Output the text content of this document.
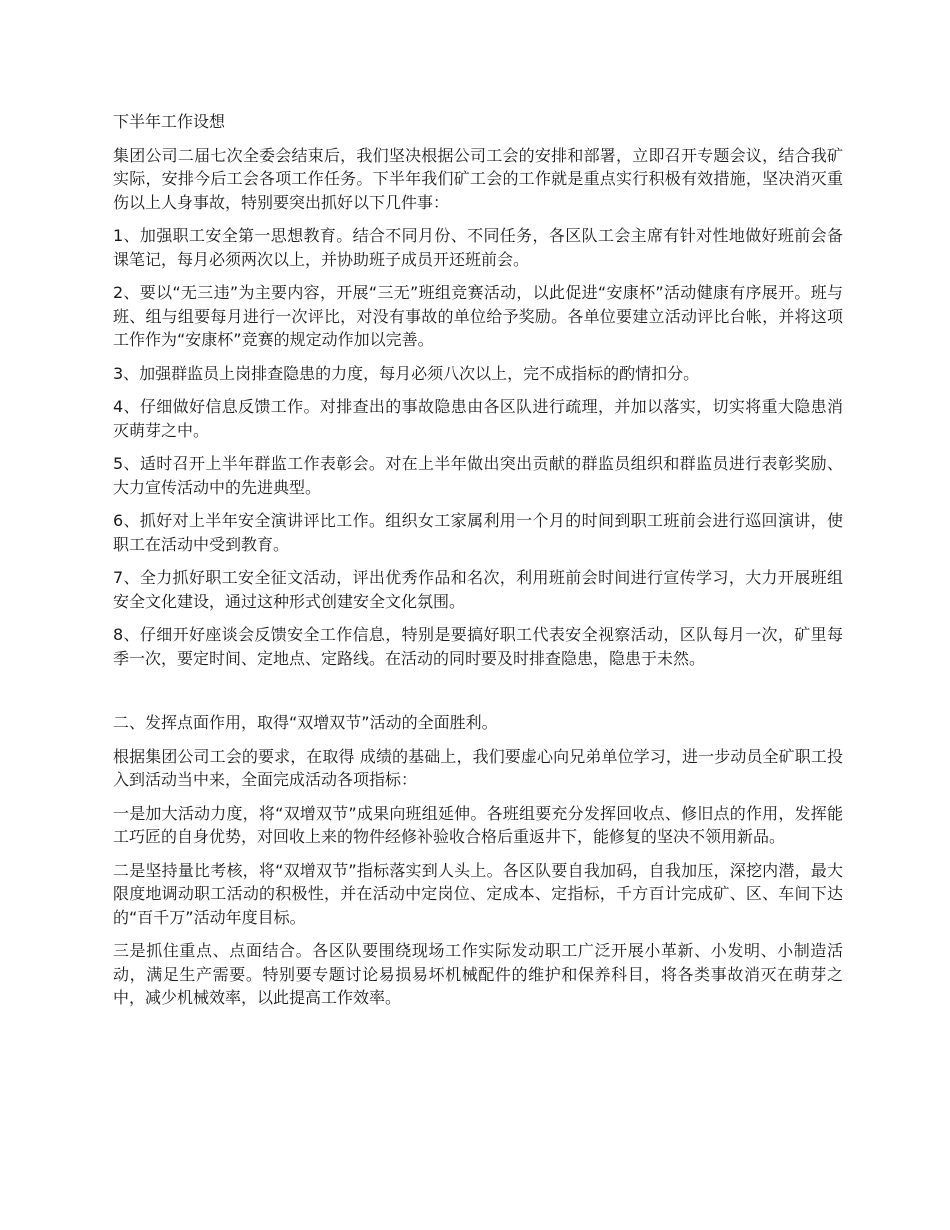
下半年工作设想

集团公司二届七次全委会结束后，我们坚决根据公司工会的安排和部署，立即召开专题会议，结合我矿实际，安排今后工会各项工作任务。下半年我们矿工会的工作就是重点实行积极有效措施，坚决消灭重伤以上人身事故，特别要突出抓好以下几件事：

1、加强职工安全第一思想教育。结合不同月份、不同任务，各区队工会主席有针对性地做好班前会备课笔记，每月必须两次以上，并协助班子成员开还班前会。

2、要以“无三违”为主要内容，开展“三无”班组竞赛活动，以此促进“安康杯”活动健康有序展开。班与班、组与组要每月进行一次评比，对没有事故的单位给予奖励。各单位要建立活动评比台帐，并将这项工作作为“安康杯”竞赛的规定动作加以完善。

3、加强群监员上岗排查隐患的力度，每月必须八次以上，完不成指标的酌情扣分。

4、仔细做好信息反馈工作。对排查出的事故隐患由各区队进行疏理，并加以落实，切实将重大隐患消灭萌芽之中。

5、适时召开上半年群监工作表彰会。对在上半年做出突出贡献的群监员组织和群监员进行表彰奖励、大力宣传活动中的先进典型。

6、抓好对上半年安全演讲评比工作。组织女工家属利用一个月的时间到职工班前会进行巡回演讲，使职工在活动中受到教育。

7、全力抓好职工安全征文活动，评出优秀作品和名次，利用班前会时间进行宣传学习，大力开展班组安全文化建设，通过这种形式创建安全文化氛围。

8、仔细开好座谈会反馈安全工作信息，特别是要搞好职工代表安全视察活动，区队每月一次，矿里每季一次，要定时间、定地点、定路线。在活动的同时要及时排查隐患，隐患于未然。

二、发挥点面作用，取得“双增双节”活动的全面胜利。

根据集团公司工会的要求，在取得 成绩的基础上，我们要虚心向兄弟单位学习，进一步动员全矿职工投入到活动当中来，全面完成活动各项指标：

一是加大活动力度，将“双增双节”成果向班组延伸。各班组要充分发挥回收点、修旧点的作用，发挥能工巧匠的自身优势，对回收上来的物件经修补验收合格后重返井下，能修复的坚决不领用新品。

二是坚持量比考核，将“双增双节”指标落实到人头上。各区队要自我加码，自我加压，深挖内潜，最大限度地调动职工活动的积极性，并在活动中定岗位、定成本、定指标，千方百计完成矿、区、车间下达的“百千万”活动年度目标。

三是抓住重点、点面结合。各区队要围绕现场工作实际发动职工广泛开展小革新、小发明、小制造活动，满足生产需要。特别要专题讨论易损易坏机械配件的维护和保养科目，将各类事故消灭在萌芽之中，减少机械效率，以此提高工作效率。
